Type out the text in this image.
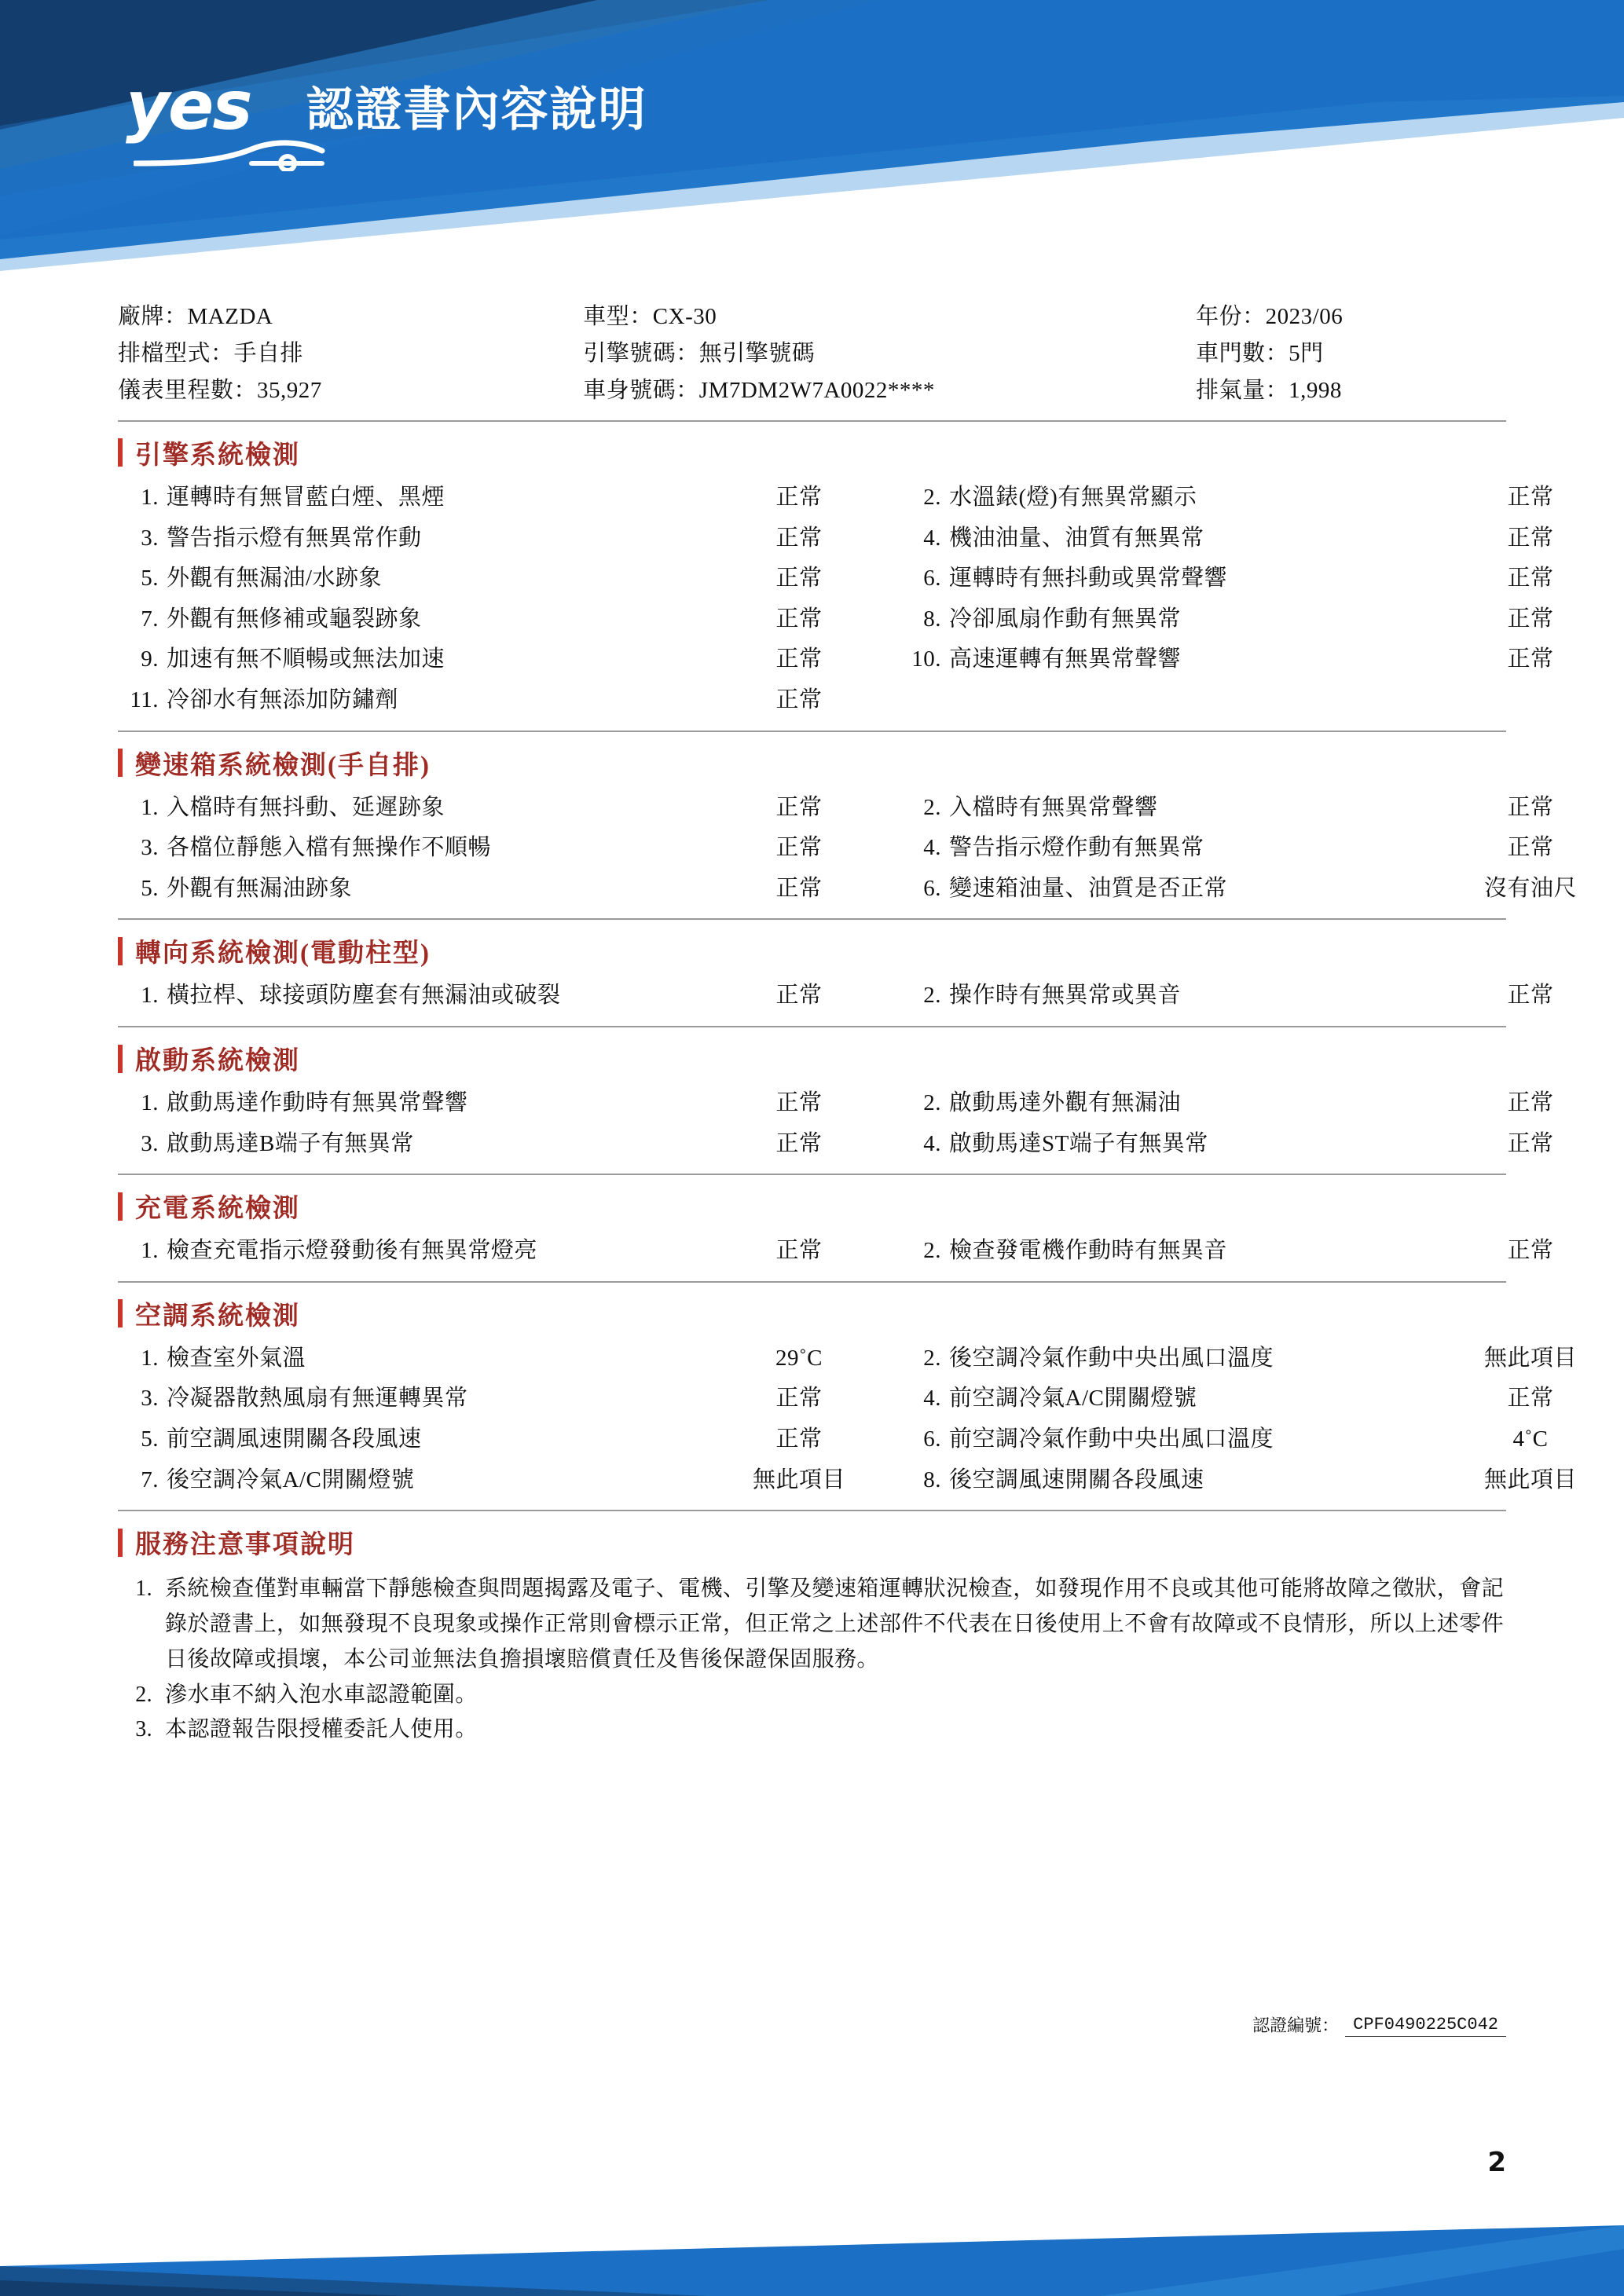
yes 認證書內容說明
廠牌：MAZDA	車型：CX-30	年份：2023/06
排檔型式：手自排	引擎號碼：無引擎號碼	車門數：5門
儀表里程數：35,927	車身號碼：JM7DM2W7A0022****	排氣量：1,998
引擎系統檢測
1. 運轉時有無冒藍白煙、黑煙	正常	2. 水溫錶(燈)有無異常顯示	正常
3. 警告指示燈有無異常作動	正常	4. 機油油量、油質有無異常	正常
5. 外觀有無漏油/水跡象	正常	6. 運轉時有無抖動或異常聲響	正常
7. 外觀有無修補或龜裂跡象	正常	8. 冷卻風扇作動有無異常	正常
9. 加速有無不順暢或無法加速	正常	10. 高速運轉有無異常聲響	正常
11. 冷卻水有無添加防鏽劑	正常
變速箱系統檢測(手自排)
1. 入檔時有無抖動、延遲跡象	正常	2. 入檔時有無異常聲響	正常
3. 各檔位靜態入檔有無操作不順暢	正常	4. 警告指示燈作動有無異常	正常
5. 外觀有無漏油跡象	正常	6. 變速箱油量、油質是否正常	沒有油尺
轉向系統檢測(電動柱型)
1. 橫拉桿、球接頭防塵套有無漏油或破裂	正常	2. 操作時有無異常或異音	正常
啟動系統檢測
1. 啟動馬達作動時有無異常聲響	正常	2. 啟動馬達外觀有無漏油	正常
3. 啟動馬達B端子有無異常	正常	4. 啟動馬達ST端子有無異常	正常
充電系統檢測
1. 檢查充電指示燈發動後有無異常燈亮	正常	2. 檢查發電機作動時有無異音	正常
空調系統檢測
1. 檢查室外氣溫	29˚C	2. 後空調冷氣作動中央出風口溫度	無此項目
3. 冷凝器散熱風扇有無運轉異常	正常	4. 前空調冷氣A/C開關燈號	正常
5. 前空調風速開關各段風速	正常	6. 前空調冷氣作動中央出風口溫度	4˚C
7. 後空調冷氣A/C開關燈號	無此項目	8. 後空調風速開關各段風速	無此項目
服務注意事項說明
1. 系統檢查僅對車輛當下靜態檢查與問題揭露及電子、電機、引擎及變速箱運轉狀況檢查，如發現作用不良或其他可能將故障之徵狀，會記錄於證書上，如無發現不良現象或操作正常則會標示正常，但正常之上述部件不代表在日後使用上不會有故障或不良情形，所以上述零件日後故障或損壞，本公司並無法負擔損壞賠償責任及售後保證保固服務。
2. 滲水車不納入泡水車認證範圍。
3. 本認證報告限授權委託人使用。
認證編號： CPF0490225C042
2
